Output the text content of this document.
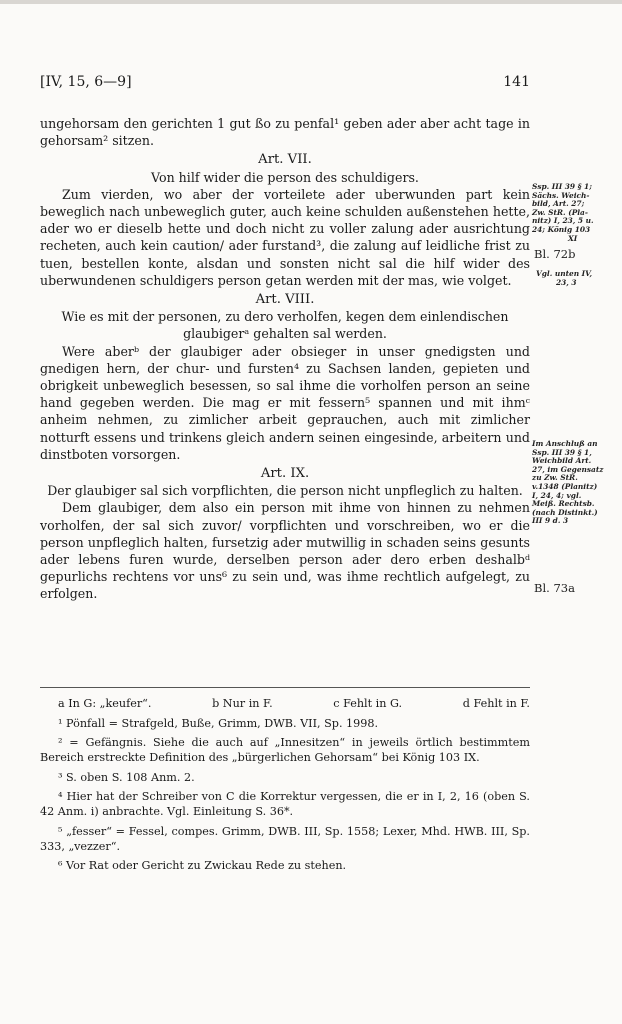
[IV, 15, 6—9]	141

ungehorsam den gerichten 1 gut ßo zu penfal¹ geben ader aber acht tage in gehorsam² sitzen.

Art. VII.

Von hilf wider die person des schuldigers.

Zum vierden, wo aber der vorteilete ader uberwunden part kein beweglich nach unbeweglich guter, auch keine schulden außenstehen hette, ader wo er dieselb hette und doch nicht zu voller zalung ader ausrichtung recheten, auch kein caution/ ader furstand³, die zalung auf leidliche frist zu tuen, bestellen konte, alsdan und sonsten nicht sal die hilf wider des uberwundenen schuldigers person getan werden mit der mas, wie volget.

Art. VIII.

Wie es mit der personen, zu dero verholfen, kegen dem einlendischen glaubigerᵃ gehalten sal werden.

Were aberᵇ der glaubiger ader obsieger in unser gnedigsten und gnedigen hern, der chur- und fursten⁴ zu Sachsen landen, gepieten und obrigkeit unbeweglich besessen, so sal ihme die vorholfen person an seine hand gegeben werden. Die mag er mit fessern⁵ spannen und mit ihmᶜ anheim nehmen, zu zimlicher arbeit geprauchen, auch mit zimlicher notturft essens und trinkens gleich andern seinen eingesinde, arbeitern und dinstboten vorsorgen.

Art. IX.

Der glaubiger sal sich vorpflichten, die person nicht unpfleglich zu halten.

Dem glaubiger, dem also ein person mit ihme von hinnen zu nehmen vorholfen, der sal sich zuvor/ vorpflichten und vorschreiben, wo er die person unpfleglich halten, fursetzig ader mutwillig in schaden seins gesunts ader lebens furen wurde, derselben person ader dero erben deshalbᵈ gepurlichs rechtens vor uns⁶ zu sein und, was ihme rechtlich aufgelegt, zu erfolgen.

Ssp. III 39 § 1;
Sächs. Weich-
bild, Art. 27;
Zw. StR. (Pla-
nitz) I, 23, 5 u.
24; König 103
XI
Bl. 72b
Vgl. unten IV,
23, 3
Im Anschluß an
Ssp. III 39 § 1,
Weichbild Art.
27, im Gegensatz
zu Zw. StR.
v.1348 (Planitz)
I, 24, 4; vgl.
Meiß. Rechtsb.
(nach Distinkt.)
III 9 d. 3
Bl. 73a

a In G: „keufer“.	b Nur in F.	c Fehlt in G.	d Fehlt in F.

¹ Pönfall = Strafgeld, Buße, Grimm, DWB. VII, Sp. 1998.

² = Gefängnis. Siehe die auch auf „Innesitzen“ in jeweils örtlich bestimmtem Bereich erstreckte Definition des „bürgerlichen Gehorsam“ bei König 103 IX.

³ S. oben S. 108 Anm. 2.

⁴ Hier hat der Schreiber von C die Korrektur vergessen, die er in I, 2, 16 (oben S. 42 Anm. i) anbrachte. Vgl. Einleitung S. 36*.

⁵ „fesser“ = Fessel, compes. Grimm, DWB. III, Sp. 1558; Lexer, Mhd. HWB. III, Sp. 333, „vezzer“.

⁶ Vor Rat oder Gericht zu Zwickau Rede zu stehen.
